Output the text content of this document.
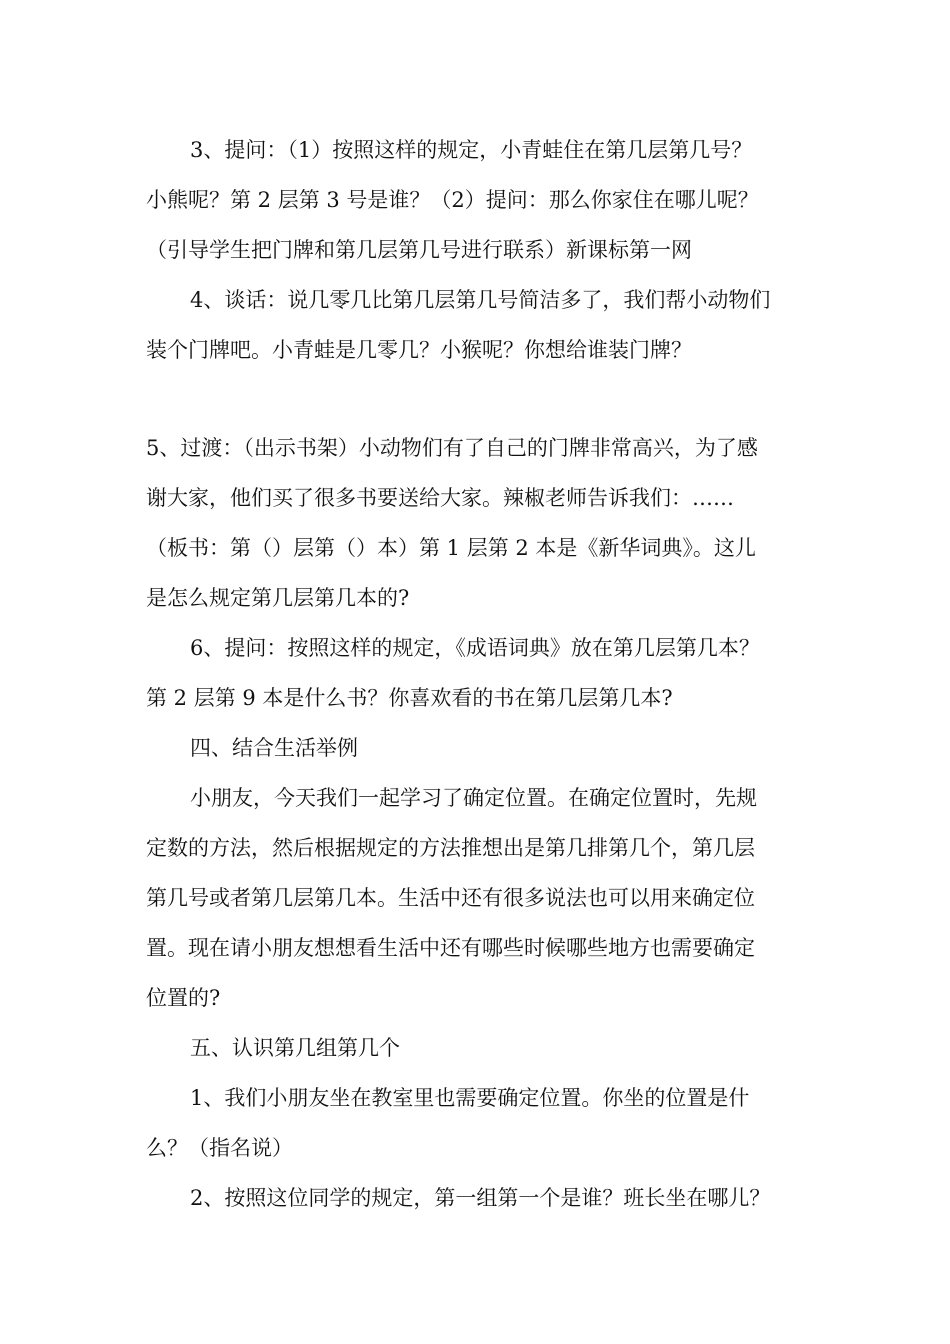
3、提问：（1）按照这样的规定，小青蛙住在第几层第几号？
小熊呢？第 2 层第 3 号是谁？（2）提问：那么你家住在哪儿呢？
（引导学生把门牌和第几层第几号进行联系）新课标第一网
4、谈话：说几零几比第几层第几号简洁多了，我们帮小动物们
装个门牌吧。小青蛙是几零几？小猴呢？你想给谁装门牌？
5、过渡：（出示书架）小动物们有了自己的门牌非常高兴，为了感
谢大家，他们买了很多书要送给大家。辣椒老师告诉我们：……
（板书：第（）层第（）本）第 1 层第 2 本是《新华词典》。这儿
是怎么规定第几层第几本的?
6、提问：按照这样的规定，《成语词典》放在第几层第几本？
第 2 层第 9 本是什么书？你喜欢看的书在第几层第几本?
四、结合生活举例
小朋友，今天我们一起学习了确定位置。在确定位置时，先规
定数的方法，然后根据规定的方法推想出是第几排第几个，第几层
第几号或者第几层第几本。生活中还有很多说法也可以用来确定位
置。现在请小朋友想想看生活中还有哪些时候哪些地方也需要确定
位置的?
五、认识第几组第几个
1、我们小朋友坐在教室里也需要确定位置。你坐的位置是什
么？（指名说）
2、按照这位同学的规定，第一组第一个是谁？班长坐在哪儿？
